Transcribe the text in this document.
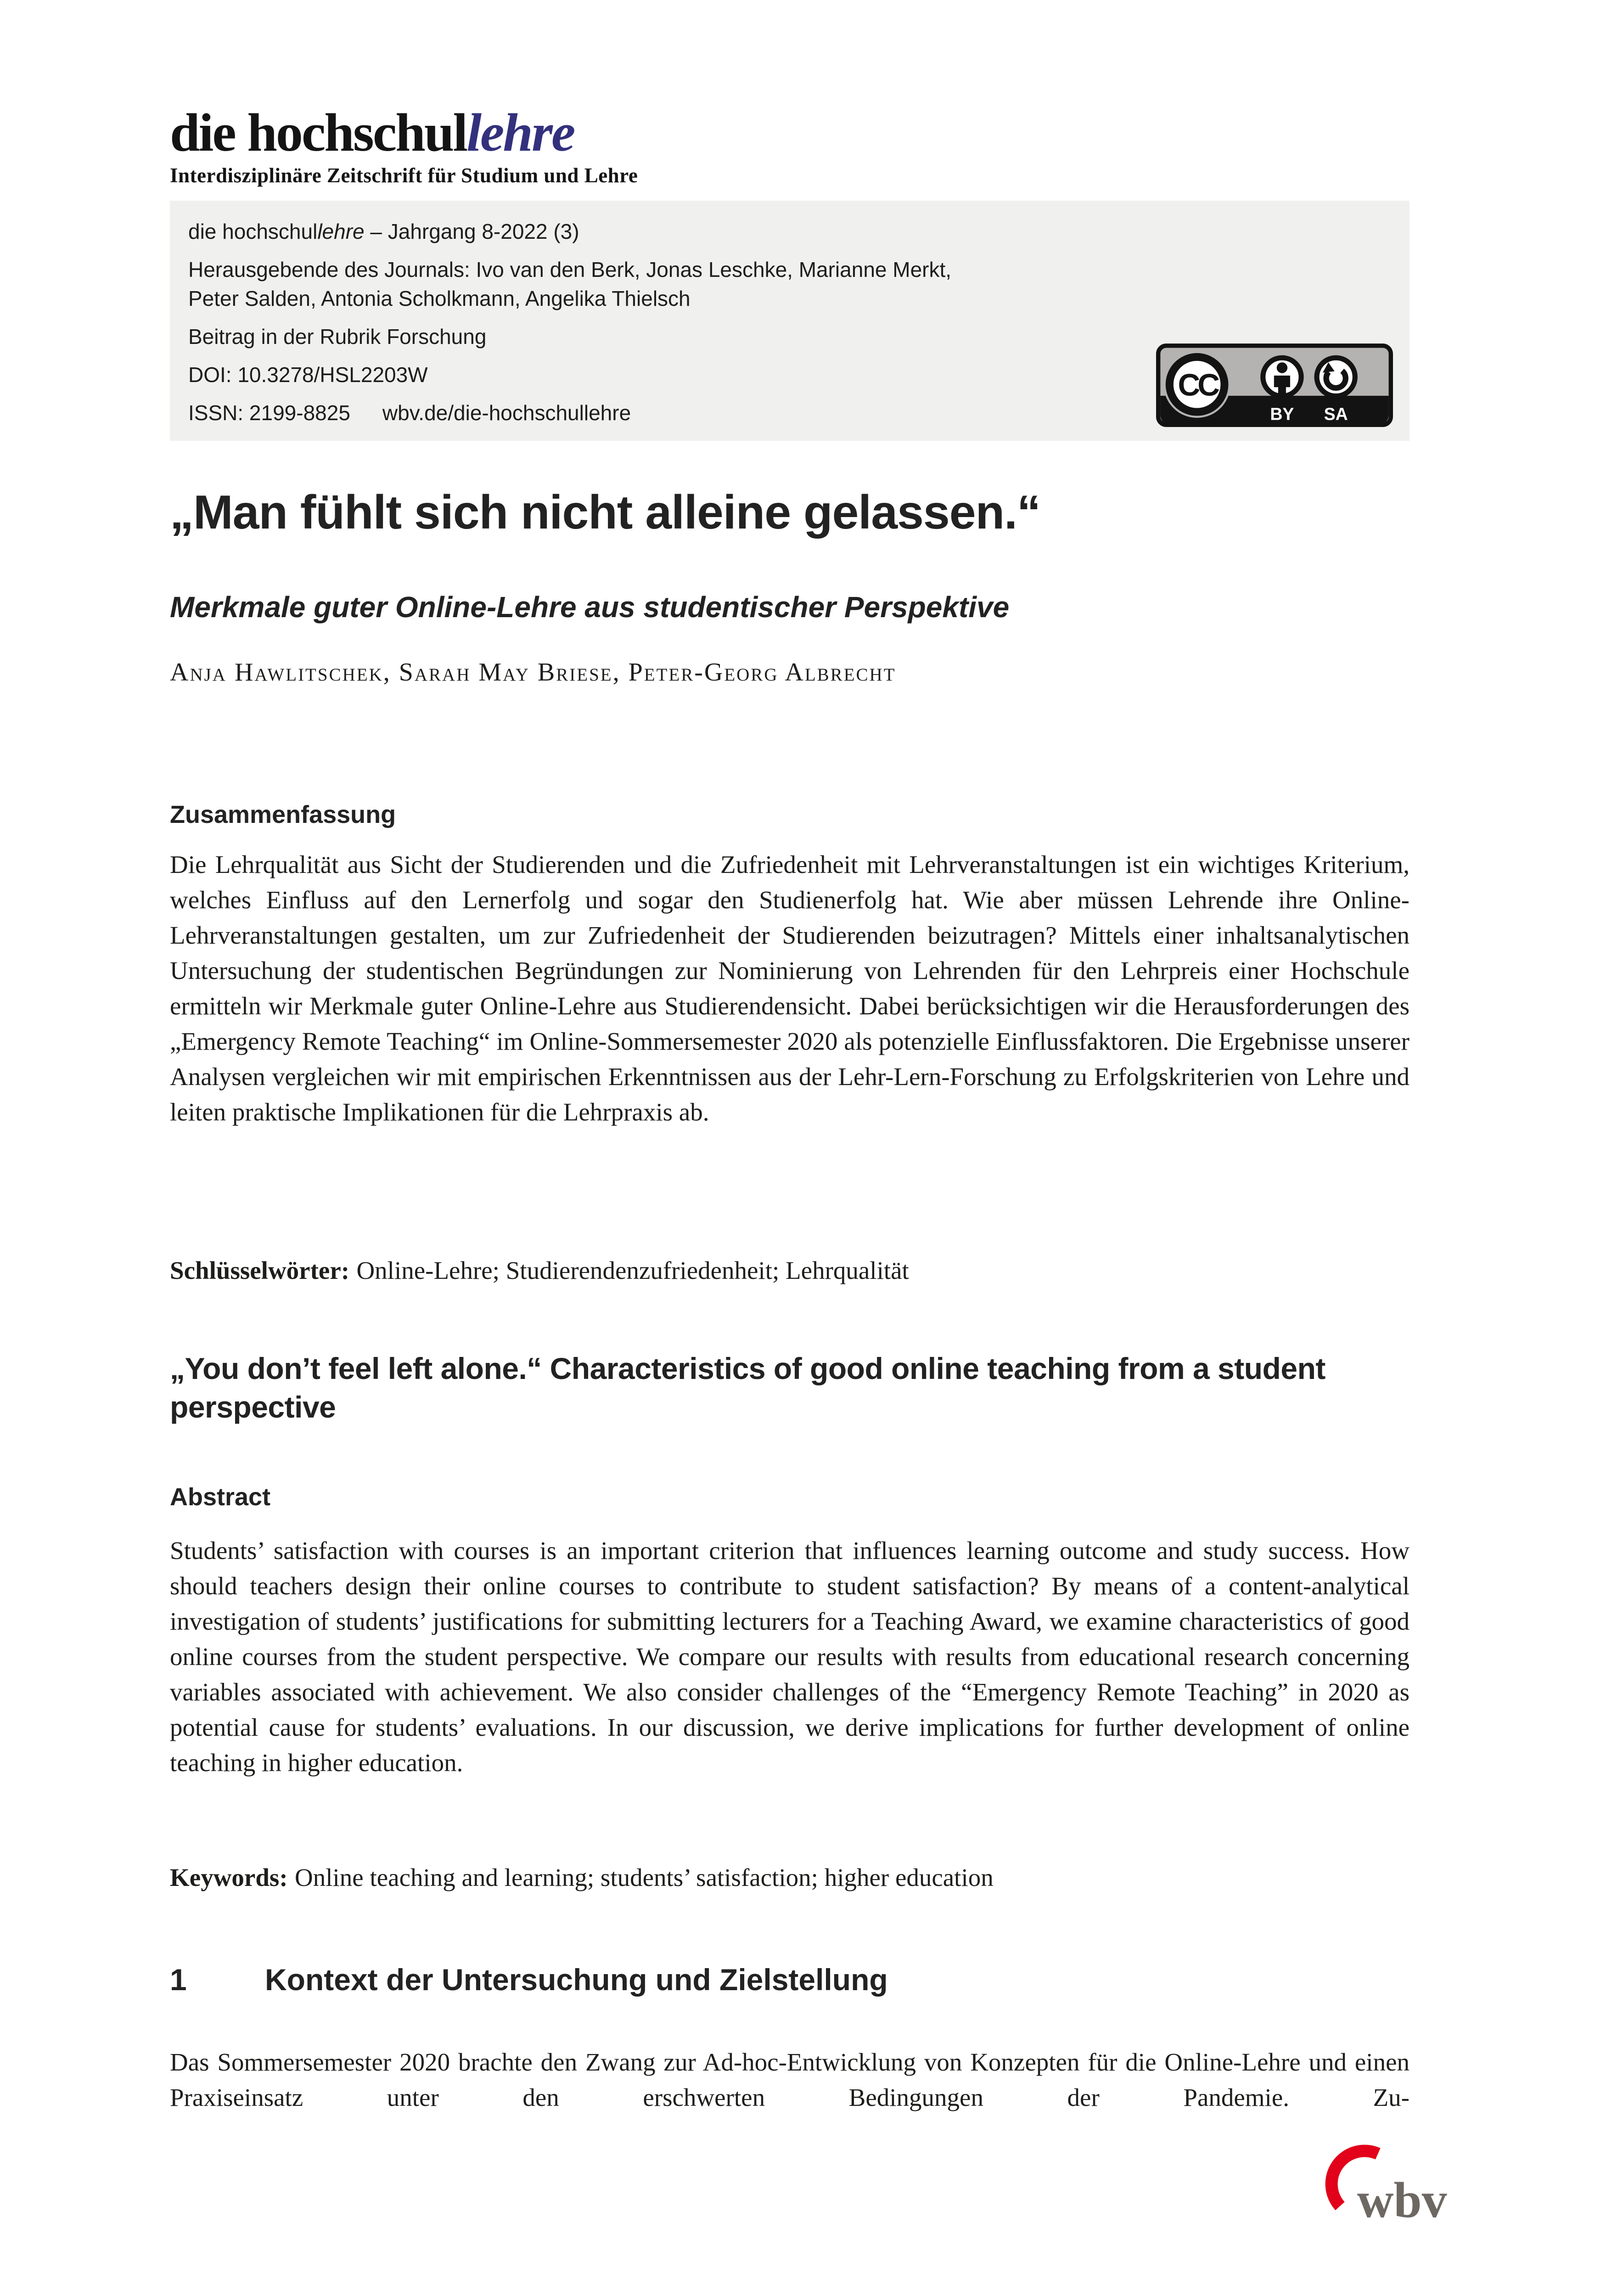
die hochschullehre
Interdisziplinäre Zeitschrift für Studium und Lehre
die hochschullehre – Jahrgang 8-2022 (3)
Herausgebende des Journals: Ivo van den Berk, Jonas Leschke, Marianne Merkt,
Peter Salden, Antonia Scholkmann, Angelika Thielsch
Beitrag in der Rubrik Forschung
DOI: 10.3278/HSL2203W
ISSN: 2199-8825 wbv.de/die-hochschullehre
CC
BY	SA
„Man fühlt sich nicht alleine gelassen.“
Merkmale guter Online-Lehre aus studentischer Perspektive
Anja Hawlitschek, Sarah May Briese, Peter-Georg Albrecht
Zusammenfassung

Die Lehrqualität aus Sicht der Studierenden und die Zufriedenheit mit Lehrveranstaltungen ist ein wichtiges Kriterium, welches Einfluss auf den Lernerfolg und sogar den Studienerfolg hat. Wie aber müssen Lehrende ihre Online-Lehrveranstaltungen gestalten, um zur Zufriedenheit der Studierenden beizutragen? Mittels einer inhaltsanalytischen Untersuchung der studentischen Begründungen zur Nominierung von Lehrenden für den Lehrpreis einer Hochschule ermitteln wir Merkmale guter Online-Lehre aus Studierendensicht. Dabei berücksichtigen wir die Herausforderungen des „Emergency Remote Teaching“ im Online-Sommersemester 2020 als potenzielle Einflussfaktoren. Die Ergebnisse unserer Analysen vergleichen wir mit empirischen Erkenntnissen aus der Lehr-Lern-Forschung zu Erfolgskriterien von Lehre und leiten praktische Implikationen für die Lehrpraxis ab.

Schlüsselwörter: Online-Lehre; Studierendenzufriedenheit; Lehrqualität
„You don’t feel left alone.“ Characteristics of good online teaching from a student perspective
Abstract

Students’ satisfaction with courses is an important criterion that influences learning outcome and study success. How should teachers design their online courses to contribute to student satisfaction? By means of a content-analytical investigation of students’ justifications for submitting lecturers for a Teaching Award, we examine characteristics of good online courses from the student perspective. We compare our results with results from educational research concerning variables associated with achievement. We also consider challenges of the “Emergency Remote Teaching” in 2020 as potential cause for students’ evaluations. In our discussion, we derive implications for further development of online teaching in higher education.

Keywords: Online teaching and learning; students’ satisfaction; higher education
1	Kontext der Untersuchung und Zielstellung

Das Sommersemester 2020 brachte den Zwang zur Ad-hoc-Entwicklung von Konzepten für die Online-Lehre und einen Praxiseinsatz unter den erschwerten Bedingungen der Pandemie. Zu-

wbv
